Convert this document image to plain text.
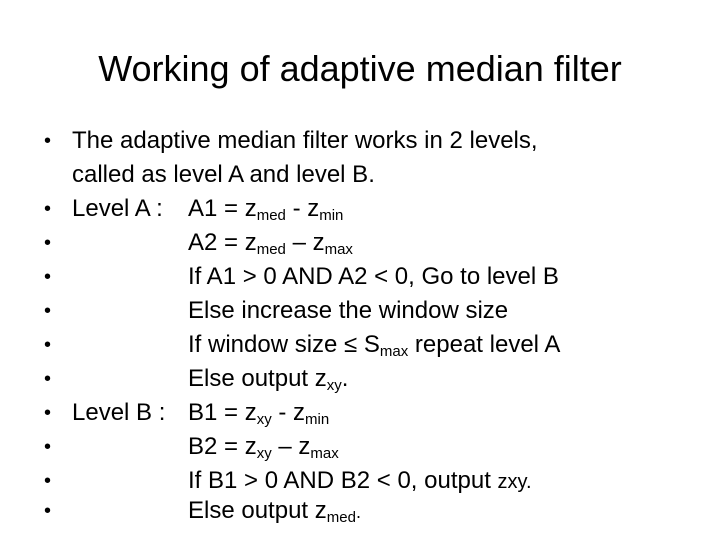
Working of adaptive median filter
• The adaptive median filter works in 2 levels,
called as level A and level B.
• Level A : $A1 = z_{med} - z_{min}$
•	$A2 = z_{med} - z_{max}$
•	If A1 > 0 AND A2 < 0, Go to level B
•	Else increase the window size
•	If window size ≤ $S_{max}$ repeat level A
•	Else output $z_{xy}$.
• Level B : $B1 = z_{xy} - z_{min}$
•	$B2 = z_{xy} - z_{max}$
•	If B1 > 0 AND B2 < 0, output zxy.
•	Else output $z_{med}$.
